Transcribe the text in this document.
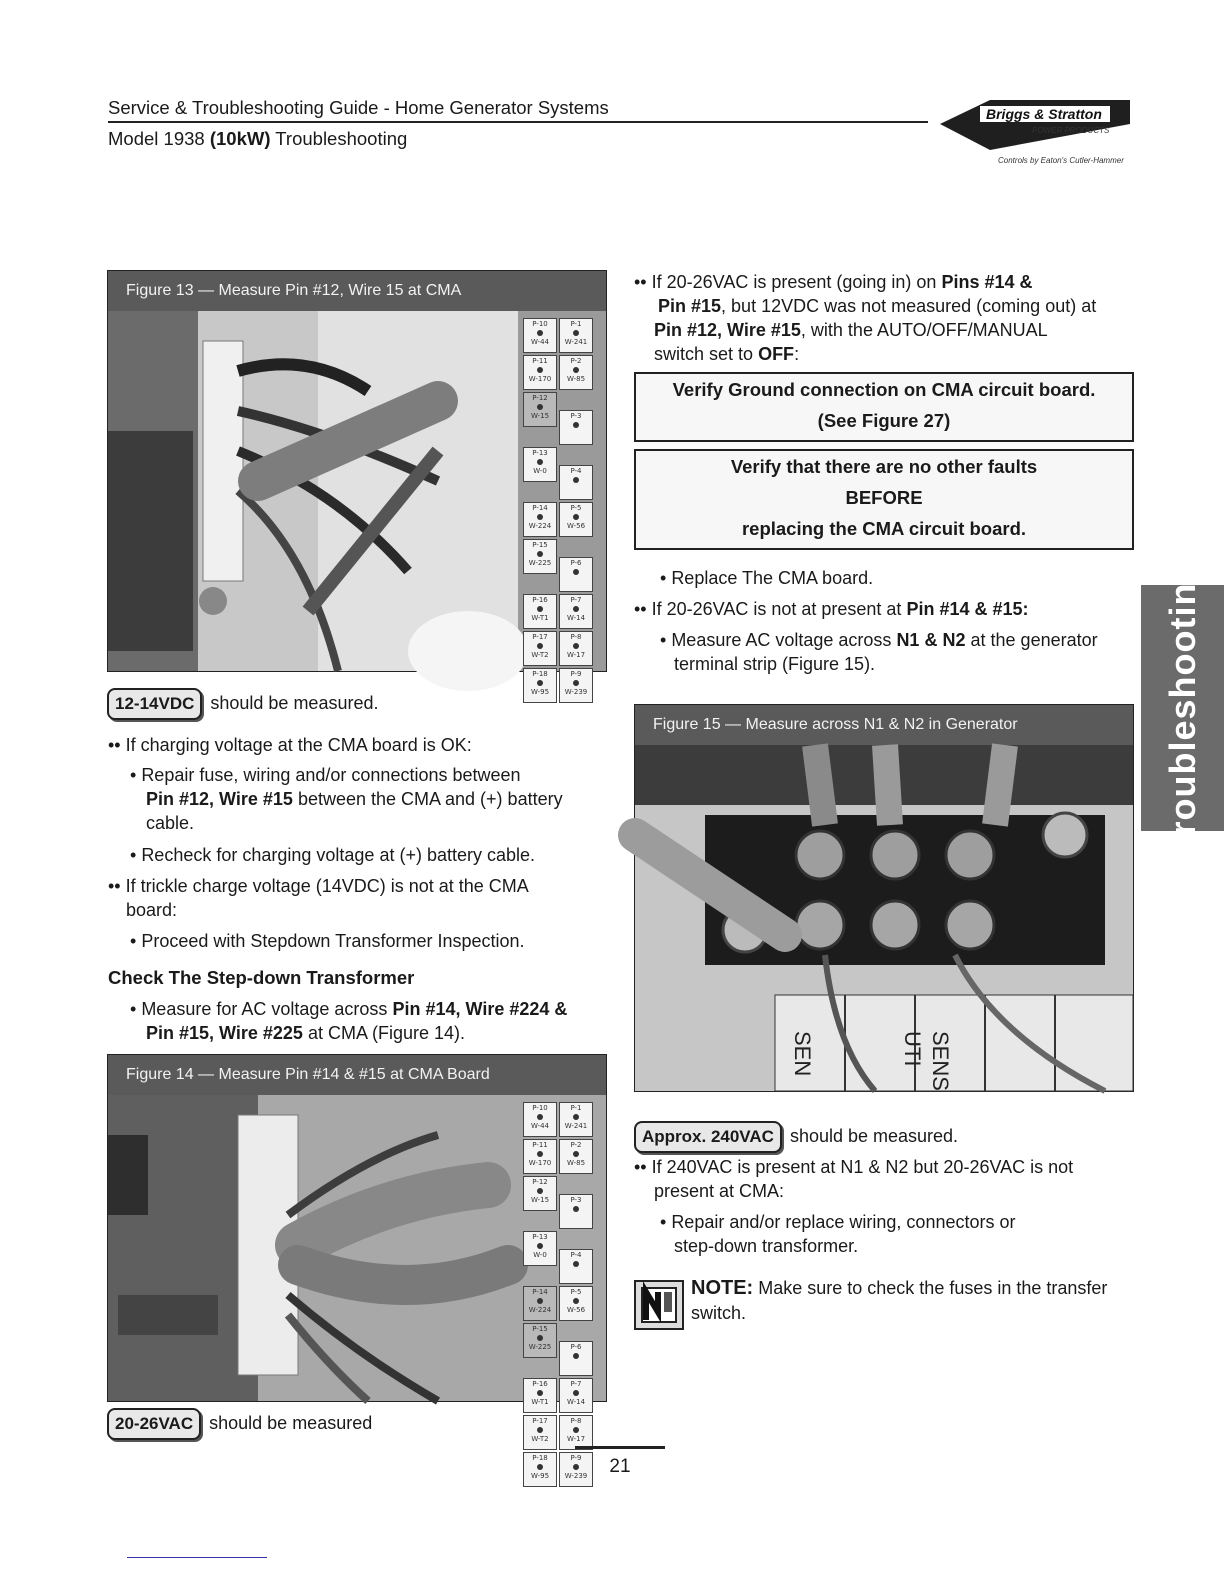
Service & Troubleshooting Guide - Home Generator Systems
Model 1938 (10kW) Troubleshooting
Briggs & Stratton
POWER PRODUCTS
Controls by Eaton's Cutler-Hammer
Troubleshooting
Figure 13 — Measure Pin #12, Wire 15 at CMA
P-10
W-44
P-1
W-241
P-11
W-170
P-2
W-85
P-12
W-15	P-3
P-13
W-0	P-4
P-14
W-224
P-5
W-56
P-15
W-225	P-6
P-16
W-T1
P-7
W-14
P-17
W-T2
P-8
W-17
P-18
W-95
P-9
W-239
12-14VDC should be measured.
•• If charging voltage at the CMA board is OK:
• Repair fuse, wiring and/or connections between
Pin #12, Wire #15 between the CMA and (+) battery
cable.
• Recheck for charging voltage at (+) battery cable.
•• If trickle charge voltage (14VDC) is not at the CMA
board:
• Proceed with Stepdown Transformer Inspection.
Check The Step-down Transformer
• Measure for AC voltage across Pin #14, Wire #224 &
Pin #15, Wire #225 at CMA (Figure 14).
Figure 14 — Measure Pin #14 & #15 at CMA Board
P-10
W-44
P-1
W-241
P-11
W-170
P-2
W-85
P-12
W-15	P-3
P-13
W-0	P-4
P-14
W-224
P-5
W-56
P-15
W-225	P-6
P-16
W-T1
P-7
W-14
P-17
W-T2
P-8
W-17
P-18
W-95
P-9
W-239
20-26VAC should be measured
•• If 20-26VAC is present (going in) on Pins #14 &
Pin #15, but 12VDC was not measured (coming out) at
Pin #12, Wire #15, with the AUTO/OFF/MANUAL
switch set to OFF:
Verify Ground connection on CMA circuit board.
(See Figure 27)
Verify that there are no other faults
BEFORE
replacing the CMA circuit board.
• Replace The CMA board.
•• If 20-26VAC is not at present at Pin #14 & #15:
• Measure AC voltage across N1 & N2 at the generator
terminal strip (Figure 15).
Figure 15 — Measure across N1 & N2 in Generator
SEN	SENS
UTI
Approx. 240VAC should be measured.
•• If 240VAC is present at N1 & N2 but 20-26VAC is not
present at CMA:
• Repair and/or replace wiring, connectors or
step-down transformer.
NOTE: Make sure to check the fuses in the transfer
switch.
21
